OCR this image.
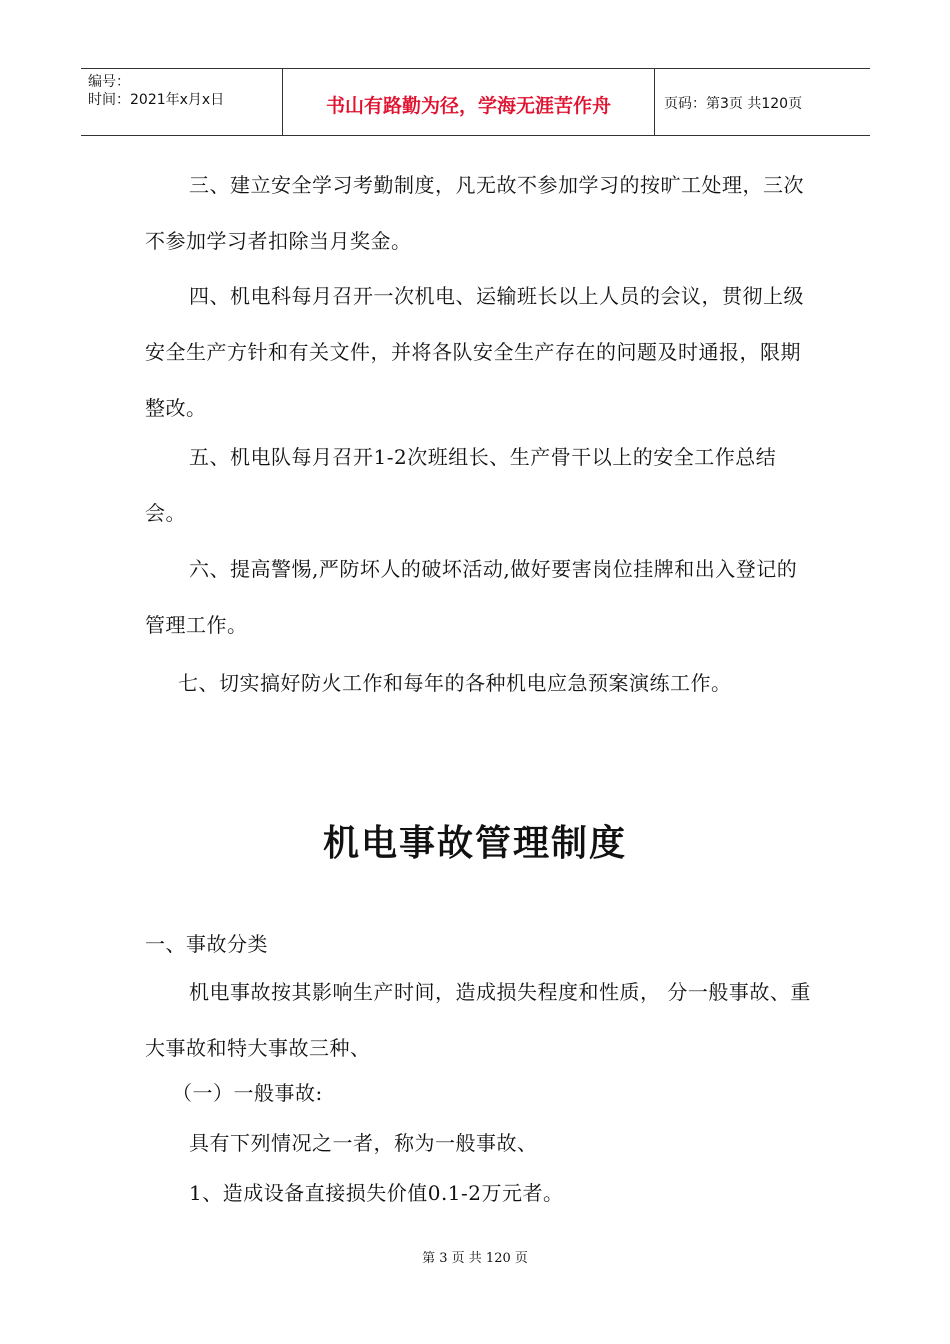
编号：
时间：2021年x月x日	书山有路勤为径，学海无涯苦作舟	页码：第3页 共120页

三、建立安全学习考勤制度，凡无故不参加学习的按旷工处理，三次不参加学习者扣除当月奖金。

四、机电科每月召开一次机电、运输班长以上人员的会议，贯彻上级安全生产方针和有关文件，并将各队安全生产存在的问题及时通报，限期整改。

五、机电队每月召开1-2次班组长、生产骨干以上的安全工作总结会。

六、提高警惕,严防坏人的破坏活动,做好要害岗位挂牌和出入登记的管理工作。

七、切实搞好防火工作和每年的各种机电应急预案演练工作。

机电事故管理制度

一、事故分类

机电事故按其影响生产时间，造成损失程度和性质， 分一般事故、重大事故和特大事故三种、

（一）一般事故:

具有下列情况之一者，称为一般事故、

1、造成设备直接损失价值0.1-2万元者。

第 3 页 共 120 页
